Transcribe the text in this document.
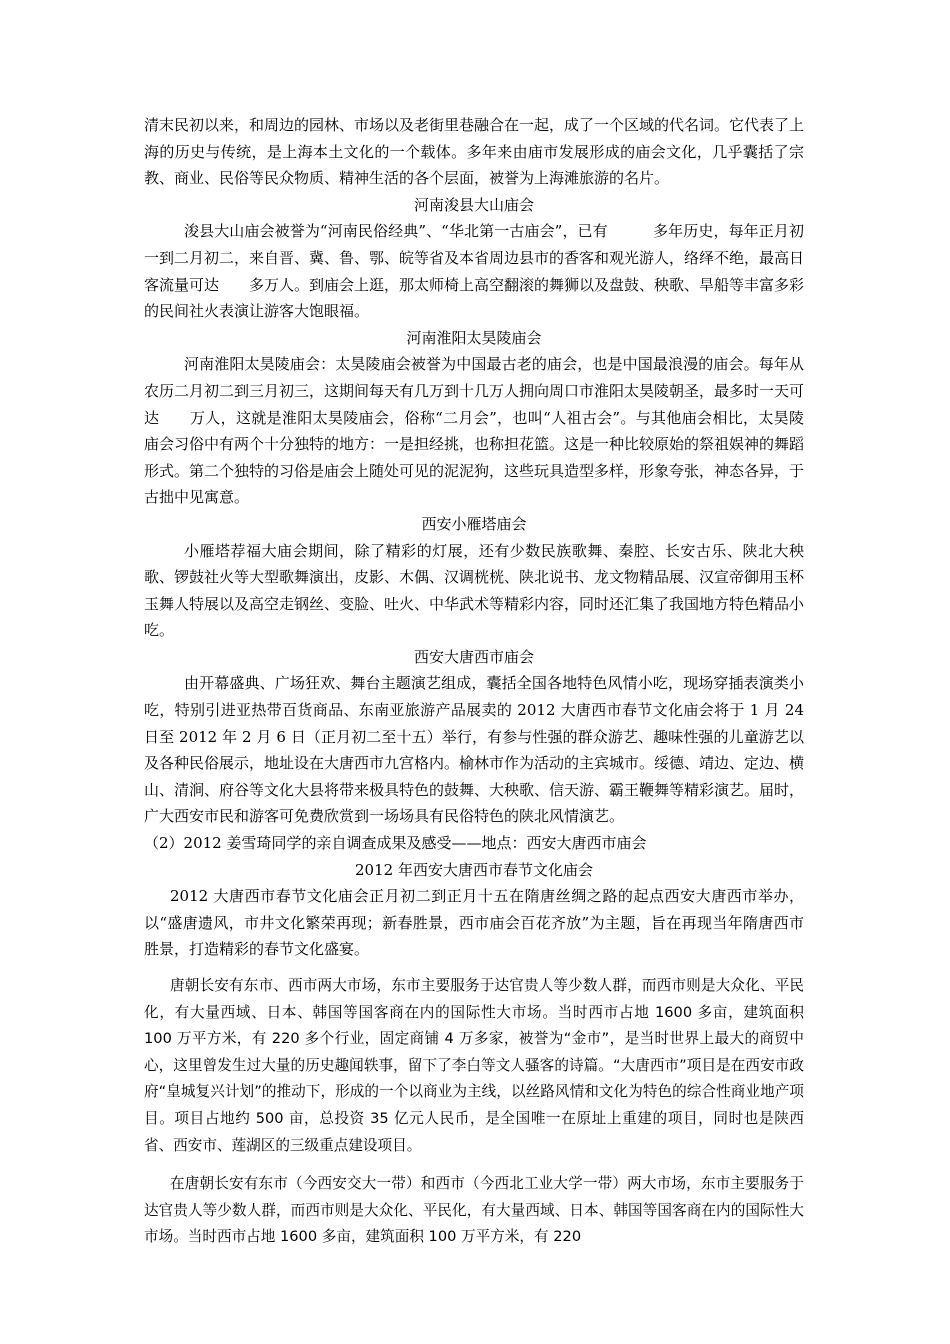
清末民初以来，和周边的园林、市场以及老街里巷融合在一起，成了一个区域的代名词。它代表了上海的历史与传统，是上海本土文化的一个载体。多年来由庙市发展形成的庙会文化，几乎囊括了宗教、商业、民俗等民众物质、精神生活的各个层面，被誉为上海滩旅游的名片。

河南浚县大山庙会

浚县大山庙会被誉为“河南民俗经典”、“华北第一古庙会”，已有　　　多年历史，每年正月初一到二月初二，来自晋、冀、鲁、鄂、皖等省及本省周边县市的香客和观光游人，络绎不绝，最高日客流量可达　　多万人。到庙会上逛，那太师椅上高空翻滚的舞狮以及盘鼓、秧歌、旱船等丰富多彩的民间社火表演让游客大饱眼福。

河南淮阳太昊陵庙会

河南淮阳太昊陵庙会：太昊陵庙会被誉为中国最古老的庙会，也是中国最浪漫的庙会。每年从农历二月初二到三月初三，这期间每天有几万到十几万人拥向周口市淮阳太昊陵朝圣，最多时一天可达　　万人，这就是淮阳太昊陵庙会，俗称“二月会”，也叫“人祖古会”。与其他庙会相比，太昊陵庙会习俗中有两个十分独特的地方：一是担经挑，也称担花篮。这是一种比较原始的祭祖娱神的舞蹈形式。第二个独特的习俗是庙会上随处可见的泥泥狗，这些玩具造型多样，形象夸张，神态各异，于古拙中见寓意。

西安小雁塔庙会

小雁塔荐福大庙会期间，除了精彩的灯展，还有少数民族歌舞、秦腔、长安古乐、陕北大秧歌、锣鼓社火等大型歌舞演出，皮影、木偶、汉调桄桄、陕北说书、龙文物精品展、汉宣帝御用玉杯玉舞人特展以及高空走钢丝、变脸、吐火、中华武术等精彩内容，同时还汇集了我国地方特色精品小吃。

西安大唐西市庙会

由开幕盛典、广场狂欢、舞台主题演艺组成，囊括全国各地特色风情小吃，现场穿插表演类小吃，特别引进亚热带百货商品、东南亚旅游产品展卖的 2012 大唐西市春节文化庙会将于 1 月 24 日至 2012 年 2 月 6 日（正月初二至十五）举行，有参与性强的群众游艺、趣味性强的儿童游艺以及各种民俗展示，地址设在大唐西市九宫格内。榆林市作为活动的主宾城市。绥德、靖边、定边、横山、清涧、府谷等文化大县将带来极具特色的鼓舞、大秧歌、信天游、霸王鞭舞等精彩演艺。届时，广大西安市民和游客可免费欣赏到一场场具有民俗特色的陕北风情演艺。

（2）2012 姜雪琦同学的亲自调查成果及感受——地点：西安大唐西市庙会

2012 年西安大唐西市春节文化庙会

2012 大唐西市春节文化庙会正月初二到正月十五在隋唐丝绸之路的起点西安大唐西市举办，以“盛唐遗风，市井文化繁荣再现；新春胜景，西市庙会百花齐放”为主题，旨在再现当年隋唐西市胜景，打造精彩的春节文化盛宴。

唐朝长安有东市、西市两大市场，东市主要服务于达官贵人等少数人群，而西市则是大众化、平民化，有大量西域、日本、韩国等国客商在内的国际性大市场。当时西市占地 1600 多亩，建筑面积 100 万平方米，有 220 多个行业，固定商铺 4 万多家，被誉为“金市”，是当时世界上最大的商贸中心，这里曾发生过大量的历史趣闻轶事，留下了李白等文人骚客的诗篇。“大唐西市”项目是在西安市政府“皇城复兴计划”的推动下，形成的一个以商业为主线，以丝路风情和文化为特色的综合性商业地产项目。项目占地约 500 亩，总投资 35 亿元人民币，是全国唯一在原址上重建的项目，同时也是陕西省、西安市、莲湖区的三级重点建设项目。

在唐朝长安有东市（今西安交大一带）和西市（今西北工业大学一带）两大市场，东市主要服务于达官贵人等少数人群，而西市则是大众化、平民化，有大量西域、日本、韩国等国客商在内的国际性大市场。当时西市占地 1600 多亩，建筑面积 100 万平方米，有 220
